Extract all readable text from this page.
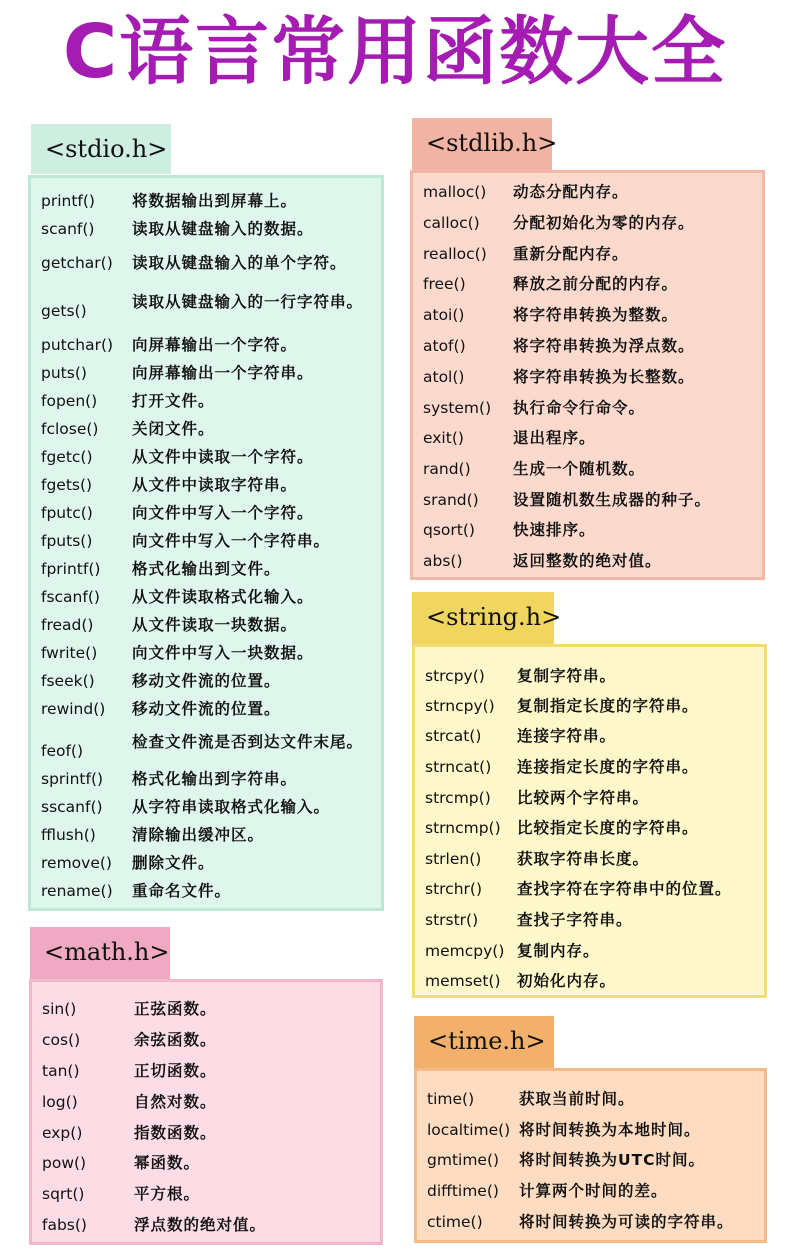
C语言常用函数大全
<stdio.h>
printf() 将数据输出到屏幕上。
scanf() 读取从键盘输入的数据。
getchar() 读取从键盘输入的单个字符。
gets()	读取从键盘输入的一行字符串。
putchar() 向屏幕输出一个字符。
puts()	向屏幕输出一个字符串。
fopen() 打开文件。
fclose() 关闭文件。
fgetc()	从文件中读取一个字符。
fgets()	从文件中读取字符串。
fputc()	向文件中写入一个字符。
fputs()	向文件中写入一个字符串。
fprintf() 格式化输出到文件。
fscanf() 从文件读取格式化输入。
fread() 从文件读取一块数据。
fwrite() 向文件中写入一块数据。
fseek() 移动文件流的位置。
rewind() 移动文件流的位置。
feof()	检查文件流是否到达文件末尾。
sprintf() 格式化输出到字符串。
sscanf() 从字符串读取格式化输入。
fflush() 清除输出缓冲区。
remove() 删除文件。
rename() 重命名文件。
<stdlib.h>
malloc() 动态分配内存。
calloc() 分配初始化为零的内存。
realloc() 重新分配内存。
free()	释放之前分配的内存。
atoi()	将字符串转换为整数。
atof()	将字符串转换为浮点数。
atol()	将字符串转换为长整数。
system() 执行命令行命令。
exit()	退出程序。
rand()	生成一个随机数。
srand() 设置随机数生成器的种子。
qsort() 快速排序。
abs()	返回整数的绝对值。
<string.h>
strcpy() 复制字符串。
strncpy() 复制指定长度的字符串。
strcat() 连接字符串。
strncat() 连接指定长度的字符串。
strcmp() 比较两个字符串。
strncmp() 比较指定长度的字符串。
strlen() 获取字符串长度。
strchr() 查找字符在字符串中的位置。
strstr()	查找子字符串。
memcpy() 复制内存。
memset() 初始化内存。
<math.h>
sin()	正弦函数。
cos()	余弦函数。
tan()	正切函数。
log()	自然对数。
exp()	指数函数。
pow()	幂函数。
sqrt()	平方根。
fabs()	浮点数的绝对值。
<time.h>
time()	获取当前时间。
localtime() 将时间转换为本地时间。
gmtime() 将时间转换为UTC时间。
difftime() 计算两个时间的差。
ctime() 将时间转换为可读的字符串。
